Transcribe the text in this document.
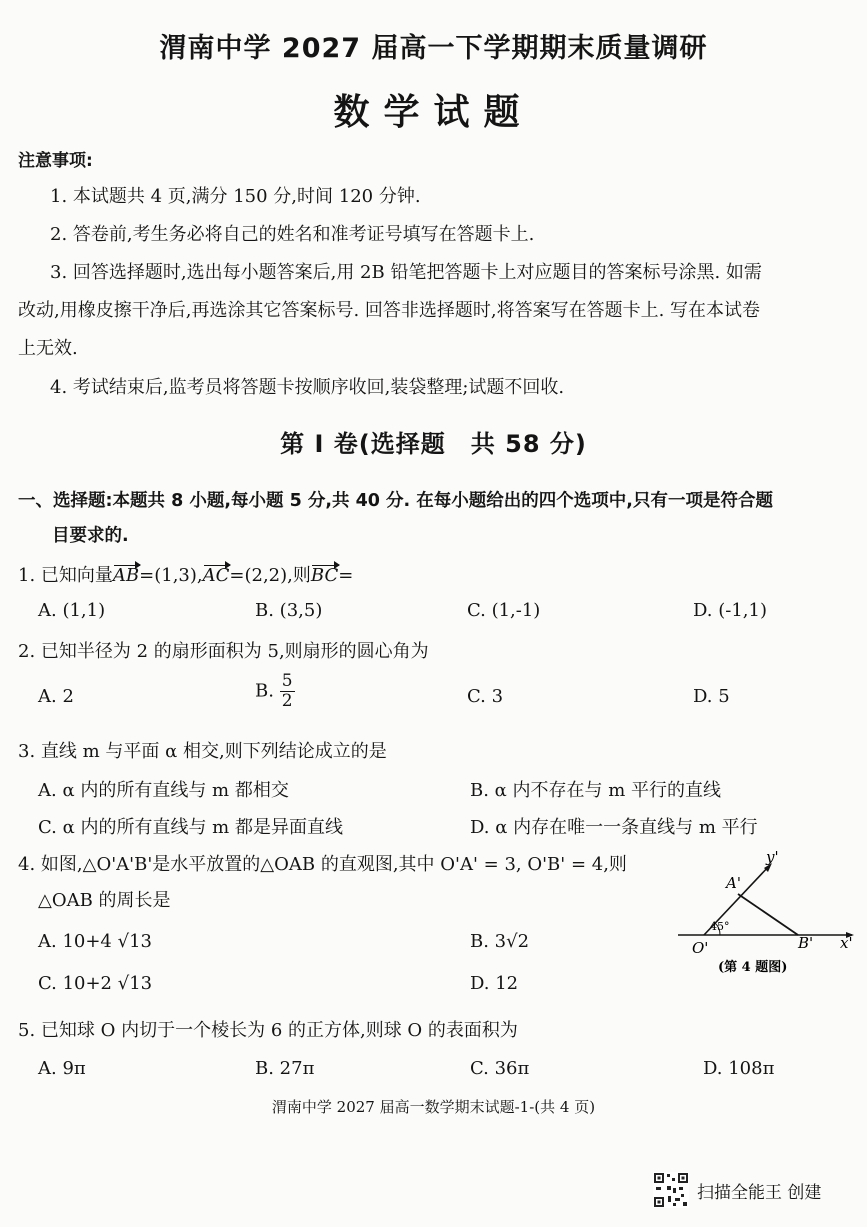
渭南中学 2027 届高一下学期期末质量调研
数学试题
注意事项:
1. 本试题共 4 页,满分 150 分,时间 120 分钟.
2. 答卷前,考生务必将自己的姓名和准考证号填写在答题卡上.
3. 回答选择题时,选出每小题答案后,用 2B 铅笔把答题卡上对应题目的答案标号涂黑. 如需
改动,用橡皮擦干净后,再选涂其它答案标号. 回答非选择题时,将答案写在答题卡上. 写在本试卷
上无效.
4. 考试结束后,监考员将答题卡按顺序收回,装袋整理;试题不回收.
第 I 卷(选择题　共 58 分)
一、选择题:本题共 8 小题,每小题 5 分,共 40 分. 在每小题给出的四个选项中,只有一项是符合题
目要求的.
1. 已知向量AB=(1,3),AC=(2,2),则BC=
A. (1,1)	B. (3,5)	C. (1,-1)	D. (-1,1)
2. 已知半径为 2 的扇形面积为 5,则扇形的圆心角为
A. 2	B. $\frac{5}{2}$	C. 3	D. 5
3. 直线 m 与平面 α 相交,则下列结论成立的是
A. α 内的所有直线与 m 都相交	B. α 内不存在与 m 平行的直线
C. α 内的所有直线与 m 都是异面直线	D. α 内存在唯一一条直线与 m 平行
4. 如图,△O'A'B'是水平放置的△OAB 的直观图,其中 O'A' = 3, O'B' = 4,则
△OAB 的周长是
A. 10+4 √13	B. 3√2
C. 10+2 √13	D. 12
45°
A'
O'	B' x'
y'
(第 4 题图)
5. 已知球 O 内切于一个棱长为 6 的正方体,则球 O 的表面积为
A. 9π	B. 27π	C. 36π	D. 108π
渭南中学 2027 届高一数学期末试题-1-(共 4 页)
扫描全能王 创建
